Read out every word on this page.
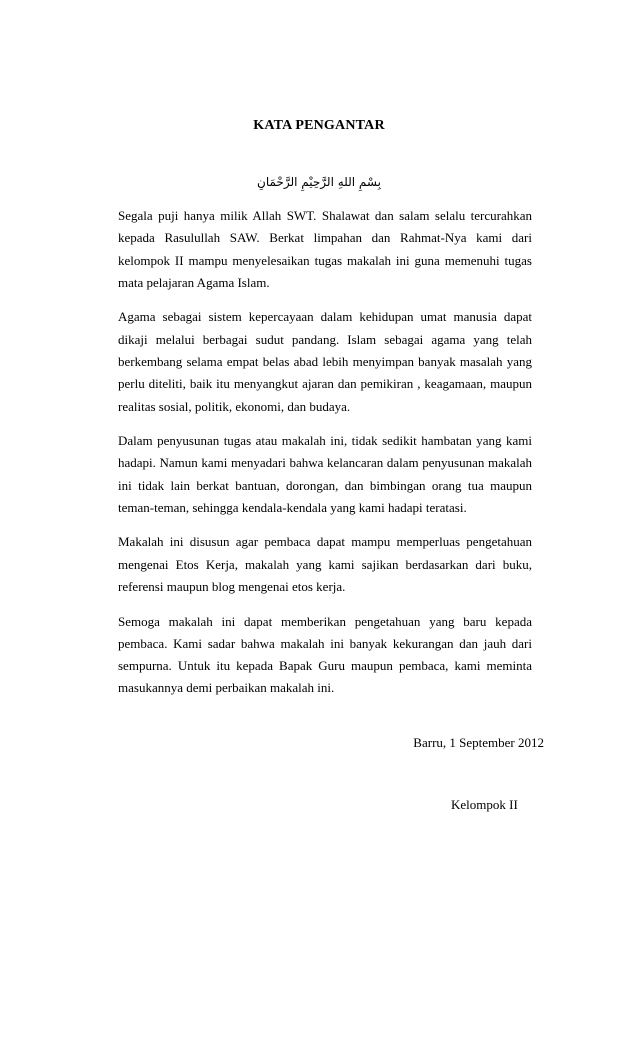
KATA PENGANTAR
بِسْمِ اللهِ الرَّحِيْمِ الرَّحْمَانِ

Segala puji hanya milik Allah SWT. Shalawat dan salam selalu tercurahkan kepada Rasulullah SAW. Berkat limpahan dan Rahmat-Nya kami dari kelompok II mampu menyelesaikan tugas makalah ini guna memenuhi tugas mata pelajaran Agama Islam.

Agama sebagai sistem kepercayaan dalam kehidupan umat manusia dapat dikaji melalui berbagai sudut pandang. Islam sebagai agama yang telah berkembang selama empat belas abad lebih menyimpan banyak masalah yang perlu diteliti, baik itu menyangkut ajaran dan pemikiran , keagamaan, maupun realitas sosial, politik, ekonomi, dan budaya.

Dalam penyusunan tugas atau makalah ini, tidak sedikit hambatan yang kami hadapi. Namun kami menyadari bahwa kelancaran dalam penyusunan makalah ini tidak lain berkat bantuan, dorongan, dan bimbingan orang tua maupun teman-teman, sehingga kendala-kendala yang kami hadapi teratasi.

Makalah ini disusun agar pembaca dapat mampu memperluas pengetahuan mengenai Etos Kerja, makalah yang kami sajikan berdasarkan dari buku, referensi maupun blog mengenai etos kerja.

Semoga makalah ini dapat memberikan pengetahuan yang baru kepada pembaca. Kami sadar bahwa makalah ini banyak kekurangan dan jauh dari sempurna. Untuk itu kepada Bapak Guru maupun pembaca, kami meminta masukannya demi perbaikan makalah ini.

Barru, 1 September 2012
Kelompok II
